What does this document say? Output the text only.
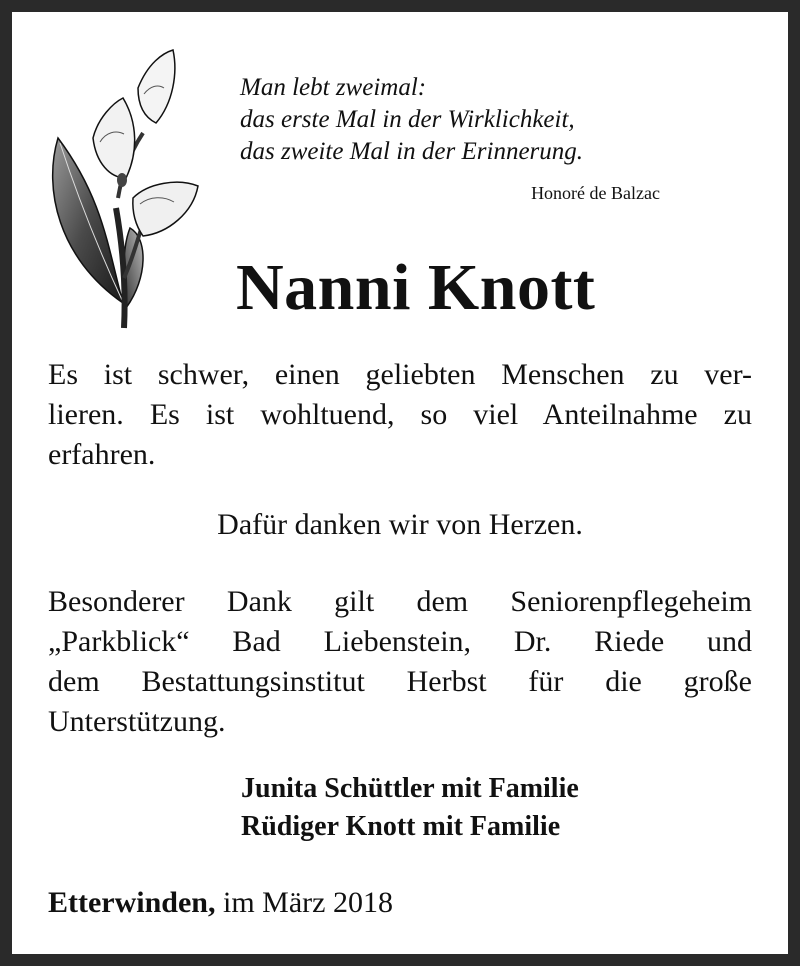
Man lebt zweimal:
das erste Mal in der Wirklichkeit,
das zweite Mal in der Erinnerung.
Honoré de Balzac
Nanni Knott
Es ist schwer, einen geliebten Menschen zu ver-
lieren. Es ist wohltuend, so viel Anteilnahme zu
erfahren.
Dafür danken wir von Herzen.
Besonderer Dank gilt dem Seniorenpflegeheim
„Parkblick“ Bad Liebenstein, Dr. Riede und
dem Bestattungsinstitut Herbst für die große
Unterstützung.
Junita Schüttler mit Familie
Rüdiger Knott mit Familie
Etterwinden, im März 2018
